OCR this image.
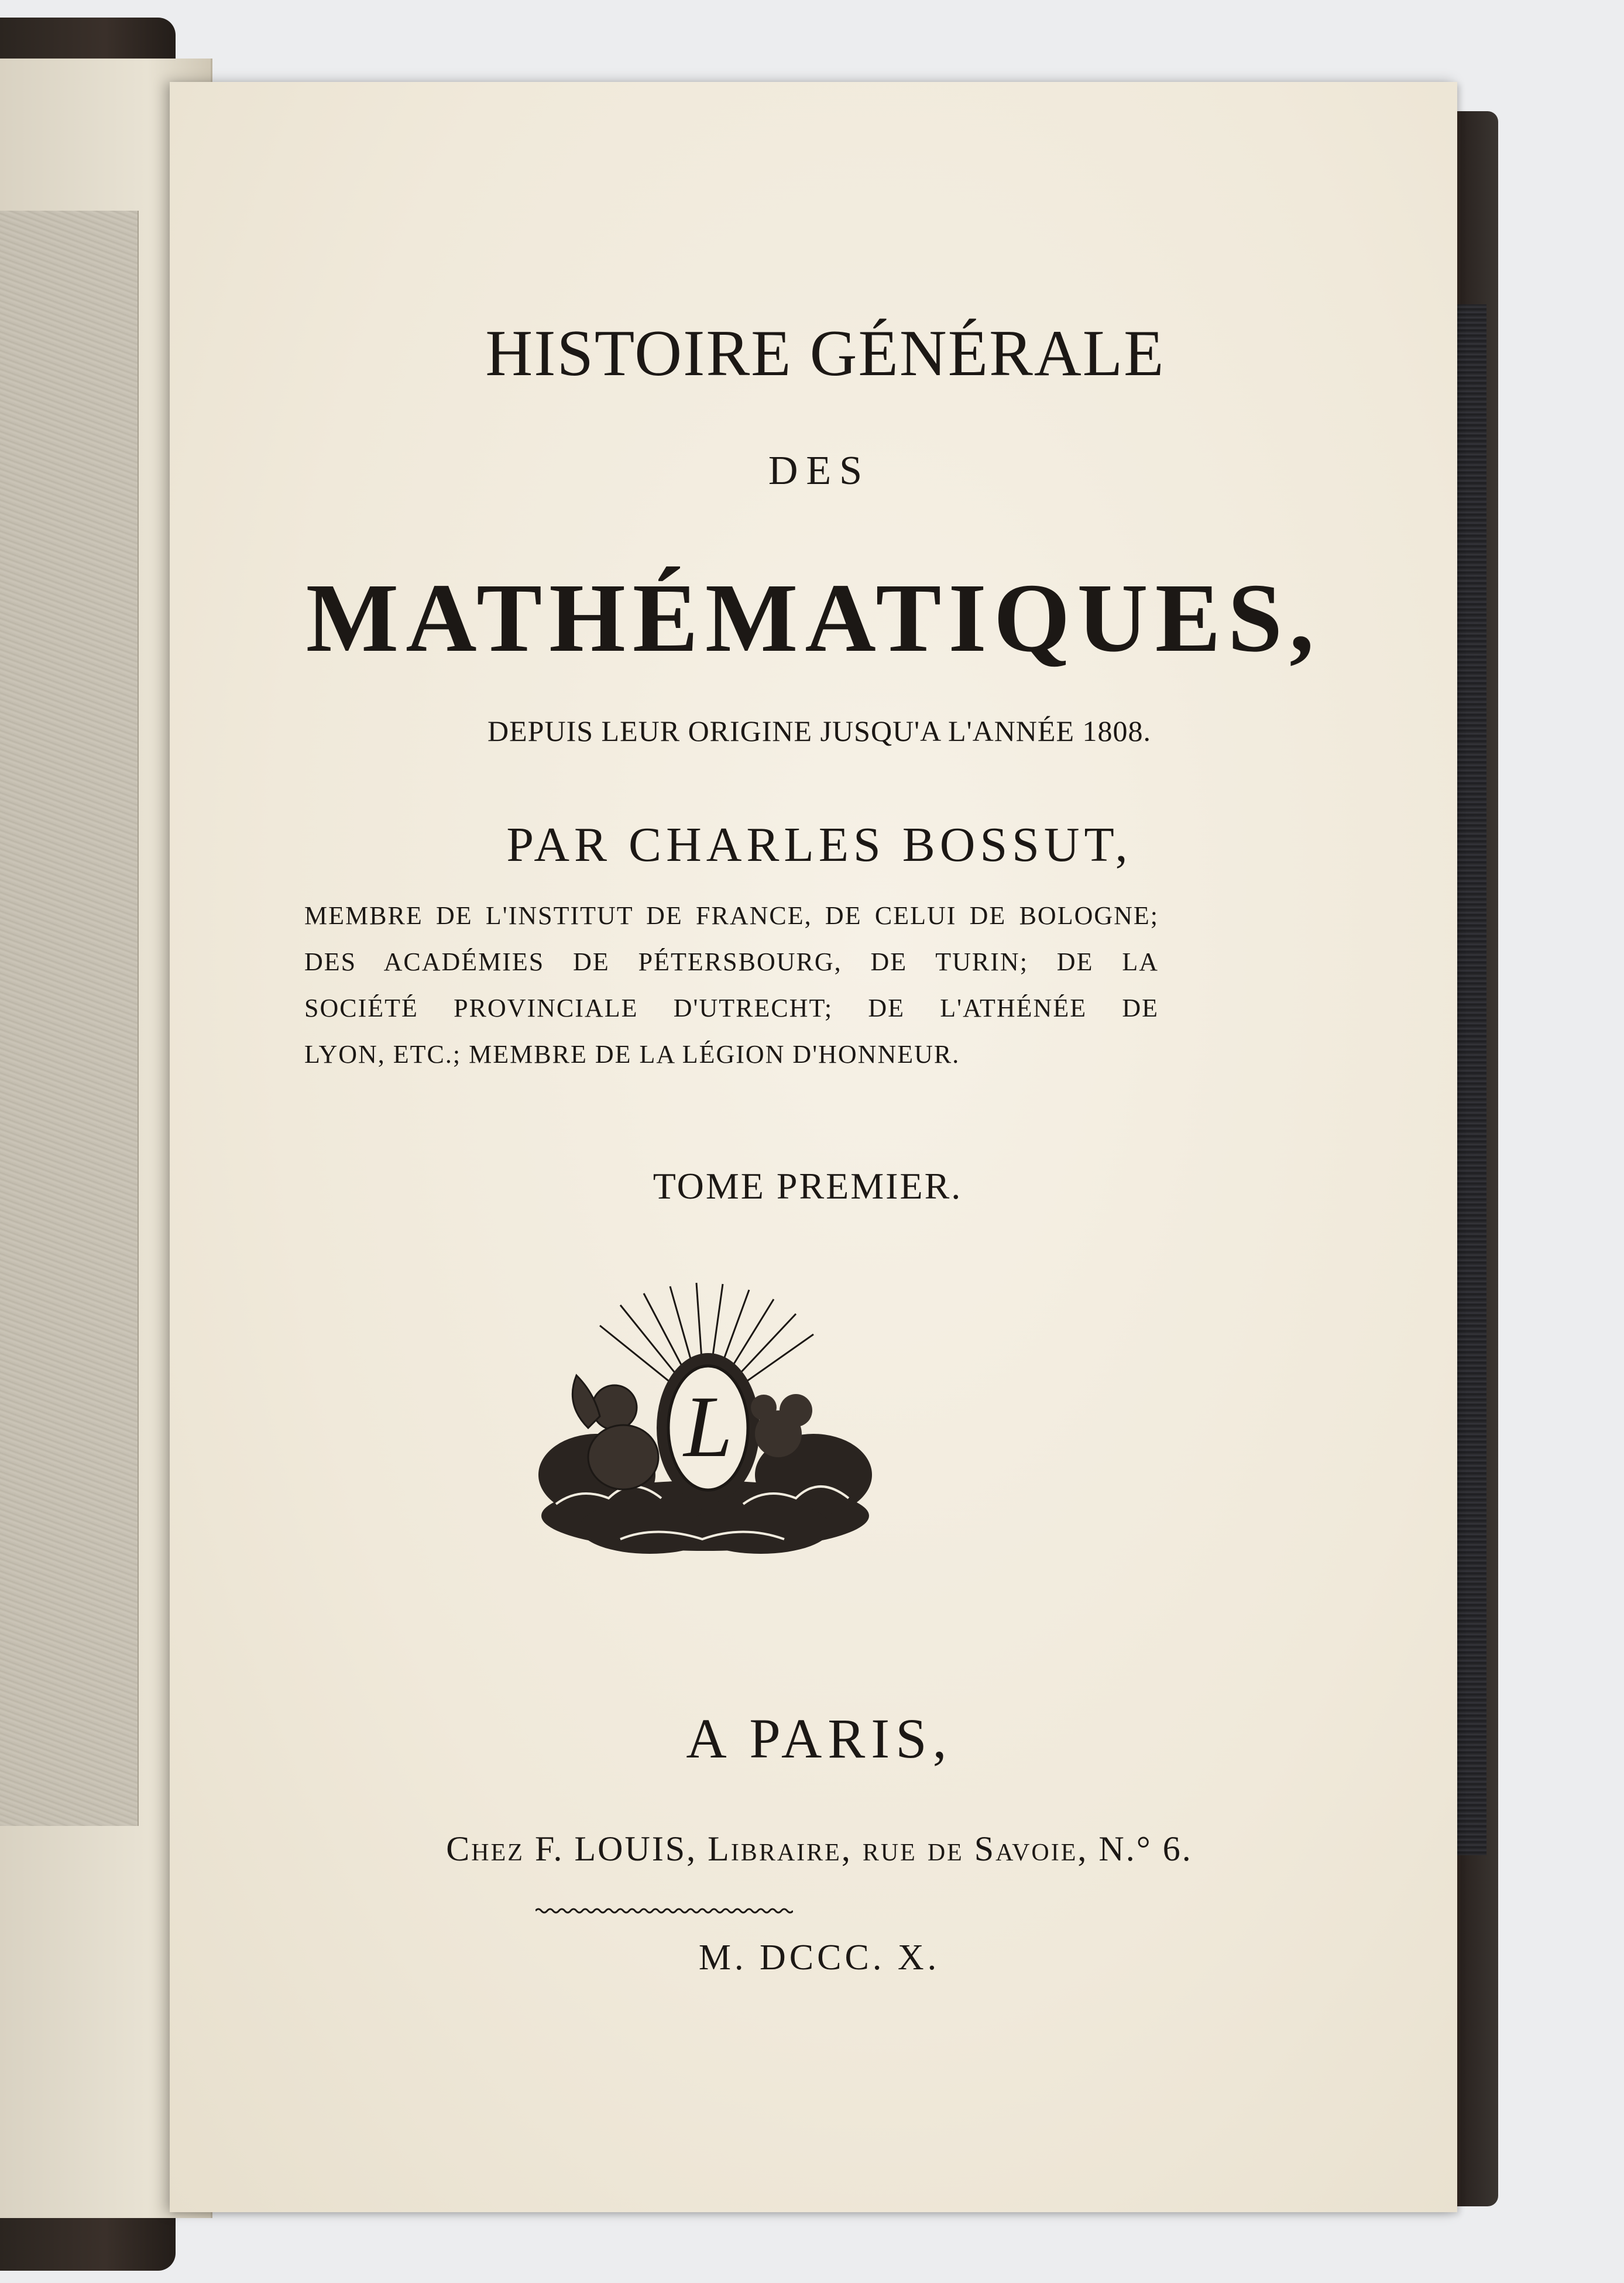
HISTOIRE GÉNÉRALE
DES
MATHÉMATIQUES,
DEPUIS LEUR ORIGINE JUSQU'A L'ANNÉE 1808.
PAR CHARLES BOSSUT,
MEMBRE DE L'INSTITUT DE FRANCE, DE CELUI DE BOLOGNE;
DES ACADÉMIES DE PÉTERSBOURG, DE TURIN; DE LA
SOCIÉTÉ PROVINCIALE D'UTRECHT; DE L'ATHÉNÉE DE
LYON, ETC.; MEMBRE DE LA LÉGION D'HONNEUR.
TOME PREMIER.
L
A PARIS,
Chez F. LOUIS, Libraire, rue de Savoie, N.° 6.
M. DCCC. X.
